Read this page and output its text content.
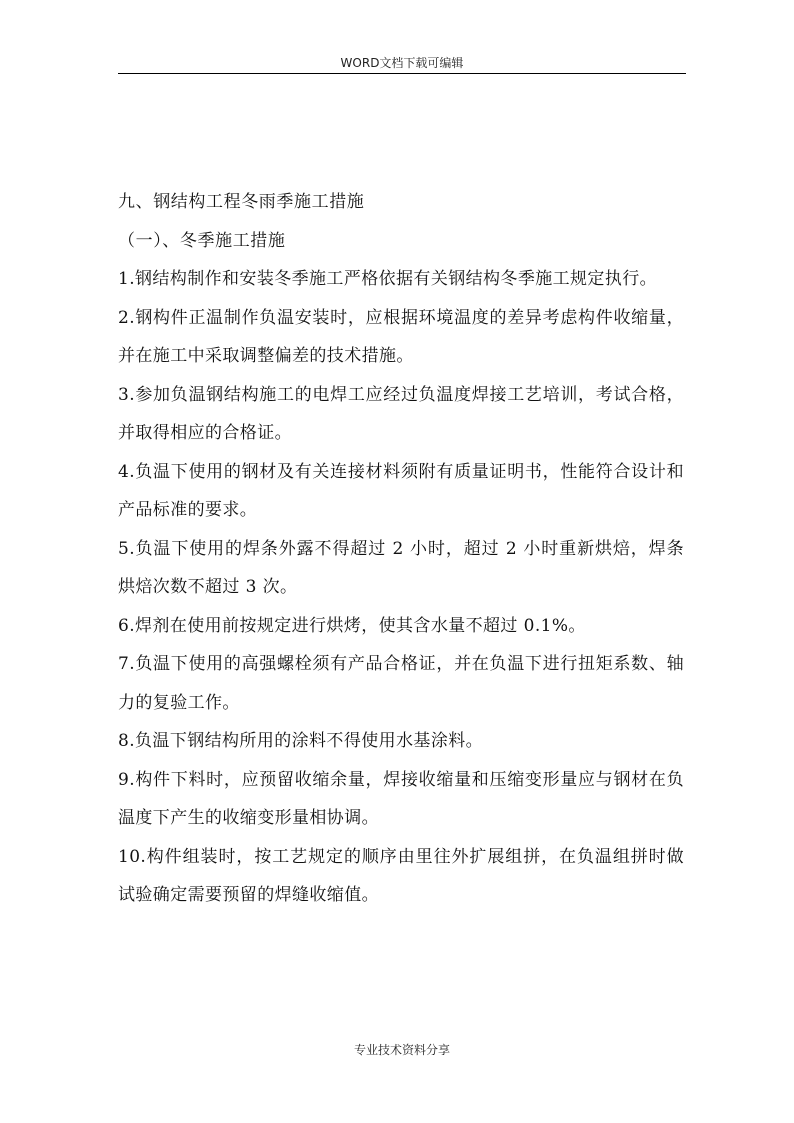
WORD文档下载可编辑

九、钢结构工程冬雨季施工措施

（一）、冬季施工措施

1.钢结构制作和安装冬季施工严格依据有关钢结构冬季施工规定执行。

2.钢构件正温制作负温安装时，应根据环境温度的差异考虑构件收缩量，并在施工中采取调整偏差的技术措施。

3.参加负温钢结构施工的电焊工应经过负温度焊接工艺培训，考试合格，并取得相应的合格证。

4.负温下使用的钢材及有关连接材料须附有质量证明书，性能符合设计和产品标准的要求。

5.负温下使用的焊条外露不得超过 2 小时，超过 2 小时重新烘焙，焊条烘焙次数不超过 3 次。

6.焊剂在使用前按规定进行烘烤，使其含水量不超过 0.1%。

7.负温下使用的高强螺栓须有产品合格证，并在负温下进行扭矩系数、轴力的复验工作。

8.负温下钢结构所用的涂料不得使用水基涂料。

9.构件下料时，应预留收缩余量，焊接收缩量和压缩变形量应与钢材在负温度下产生的收缩变形量相协调。

10.构件组装时，按工艺规定的顺序由里往外扩展组拼，在负温组拼时做试验确定需要预留的焊缝收缩值。

专业技术资料分享
